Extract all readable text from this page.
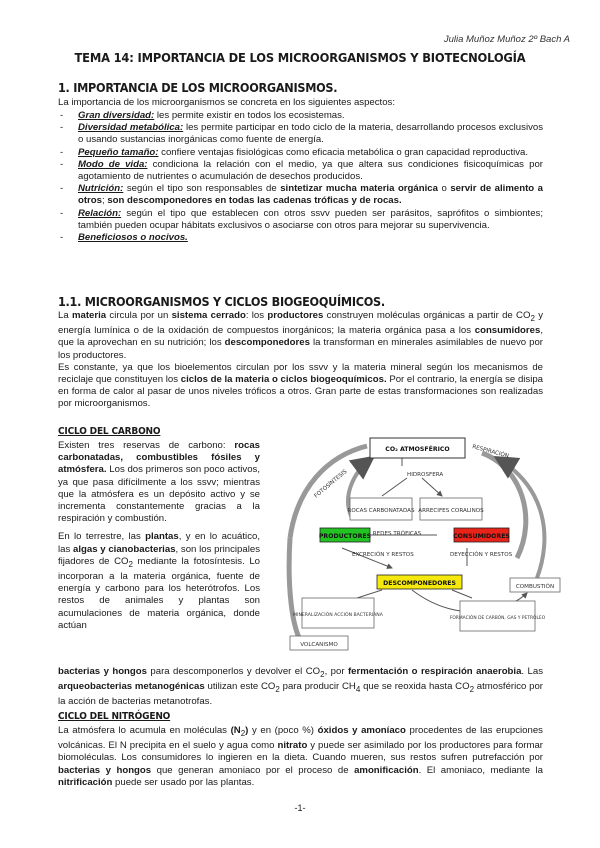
Julia Muñoz Muñoz 2º Bach A
TEMA 14: IMPORTANCIA DE LOS MICROORGANISMOS Y BIOTECNOLOGÍA
1. IMPORTANCIA DE LOS MICROORGANISMOS.

La importancia de los microorganismos se concreta en los siguientes aspectos:

- Gran diversidad: les permite existir en todos los ecosistemas.
- Diversidad metabólica: les permite participar en todo ciclo de la materia, desarrollando procesos exclusivos o usando sustancias inorgánicas como fuente de energía.
- Pequeño tamaño: confiere ventajas fisiológicas como eficacia metabólica o gran capacidad reproductiva.
- Modo de vida: condiciona la relación con el medio, ya que altera sus condiciones fisicoquímicas por agotamiento de nutrientes o acumulación de desechos producidos.
- Nutrición: según el tipo son responsables de sintetizar mucha materia orgánica o servir de alimento a otros; son descomponedores en todas las cadenas tróficas y de rocas.
- Relación: según el tipo que establecen con otros ssvv pueden ser parásitos, saprófitos o simbiontes; también pueden ocupar hábitats exclusivos o asociarse con otros para mejorar su supervivencia.
- Beneficiosos o nocivos.
1.1. MICROORGANISMOS Y CICLOS BIOGEOQUÍMICOS.

La materia circula por un sistema cerrado: los productores construyen moléculas orgánicas a partir de $CO_2$ y energía lumínica o de la oxidación de compuestos inorgánicos; la materia orgánica pasa a los consumidores, que la aprovechan en su nutrición; los descomponedores la transforman en minerales asimilables de nuevo por los productores.

Es constante, ya que los bioelementos circulan por los ssvv y la materia mineral según los mecanismos de reciclaje que constituyen los ciclos de la materia o ciclos biogeoquímicos. Por el contrario, la energía se disipa en forma de calor al pasar de unos niveles tróficos a otros. Gran parte de estas transformaciones son realizadas por microorganismos.

CICLO DEL CARBONO

Existen tres reservas de carbono: rocas carbonatadas, combustibles fósiles y atmósfera. Los dos primeros son poco activos, ya que pasa difícilmente a los ssvv; mientras que la atmósfera es un depósito activo y se incrementa constantemente gracias a la respiración y combustión.

En lo terrestre, las plantas, y en lo acuático, las algas y cianobacterias, son los principales fijadores de $CO_2$ mediante la fotosíntesis. Lo incorporan a la materia orgánica, fuente de energía y carbono para los heterótrofos. Los restos de animales y plantas son acumulaciones de materia orgánica, donde actúan

CO₂ ATMOSFÉRICO
HIDROSFERA
ROCAS CARBONATADAS ARRECIFES CORALINOS
PRODUCTORES REDES TRÓFICAS	CONSUMIDORES
EXCRECIÓN Y RESTOS	DEYECCIÓN Y RESTOS
DESCOMPONEDORES
MINERALIZACIÓN ACCIÓN BACTERIANA
FORMACIÓN DE CARBÓN, GAS Y PETRÓLEO
COMBUSTIÓN
VOLCANISMO
FOTOSÍNTESIS
RESPIRACIÓN
bacterias y hongos para descomponerlos y devolver el $CO_2$, por fermentación o respiración anaerobia. Las arqueobacterias metanogénicas utilizan este $CO_2$ para producir $CH_4$ que se reoxida hasta $CO_2$ atmosférico por la acción de bacterias metanotrofas.
CICLO DEL NITRÓGENO

La atmósfera lo acumula en moléculas $(N_2)$ y en (poco %) óxidos y amoníaco procedentes de las erupciones volcánicas. El N precipita en el suelo y agua como nitrato y puede ser asimilado por los productores para formar biomoléculas. Los consumidores lo ingieren en la dieta. Cuando mueren, sus restos sufren putrefacción por bacterias y hongos que generan amoniaco por el proceso de amonificación. El amoniaco, mediante la nitrificación puede ser usado por las plantas.

-1-
